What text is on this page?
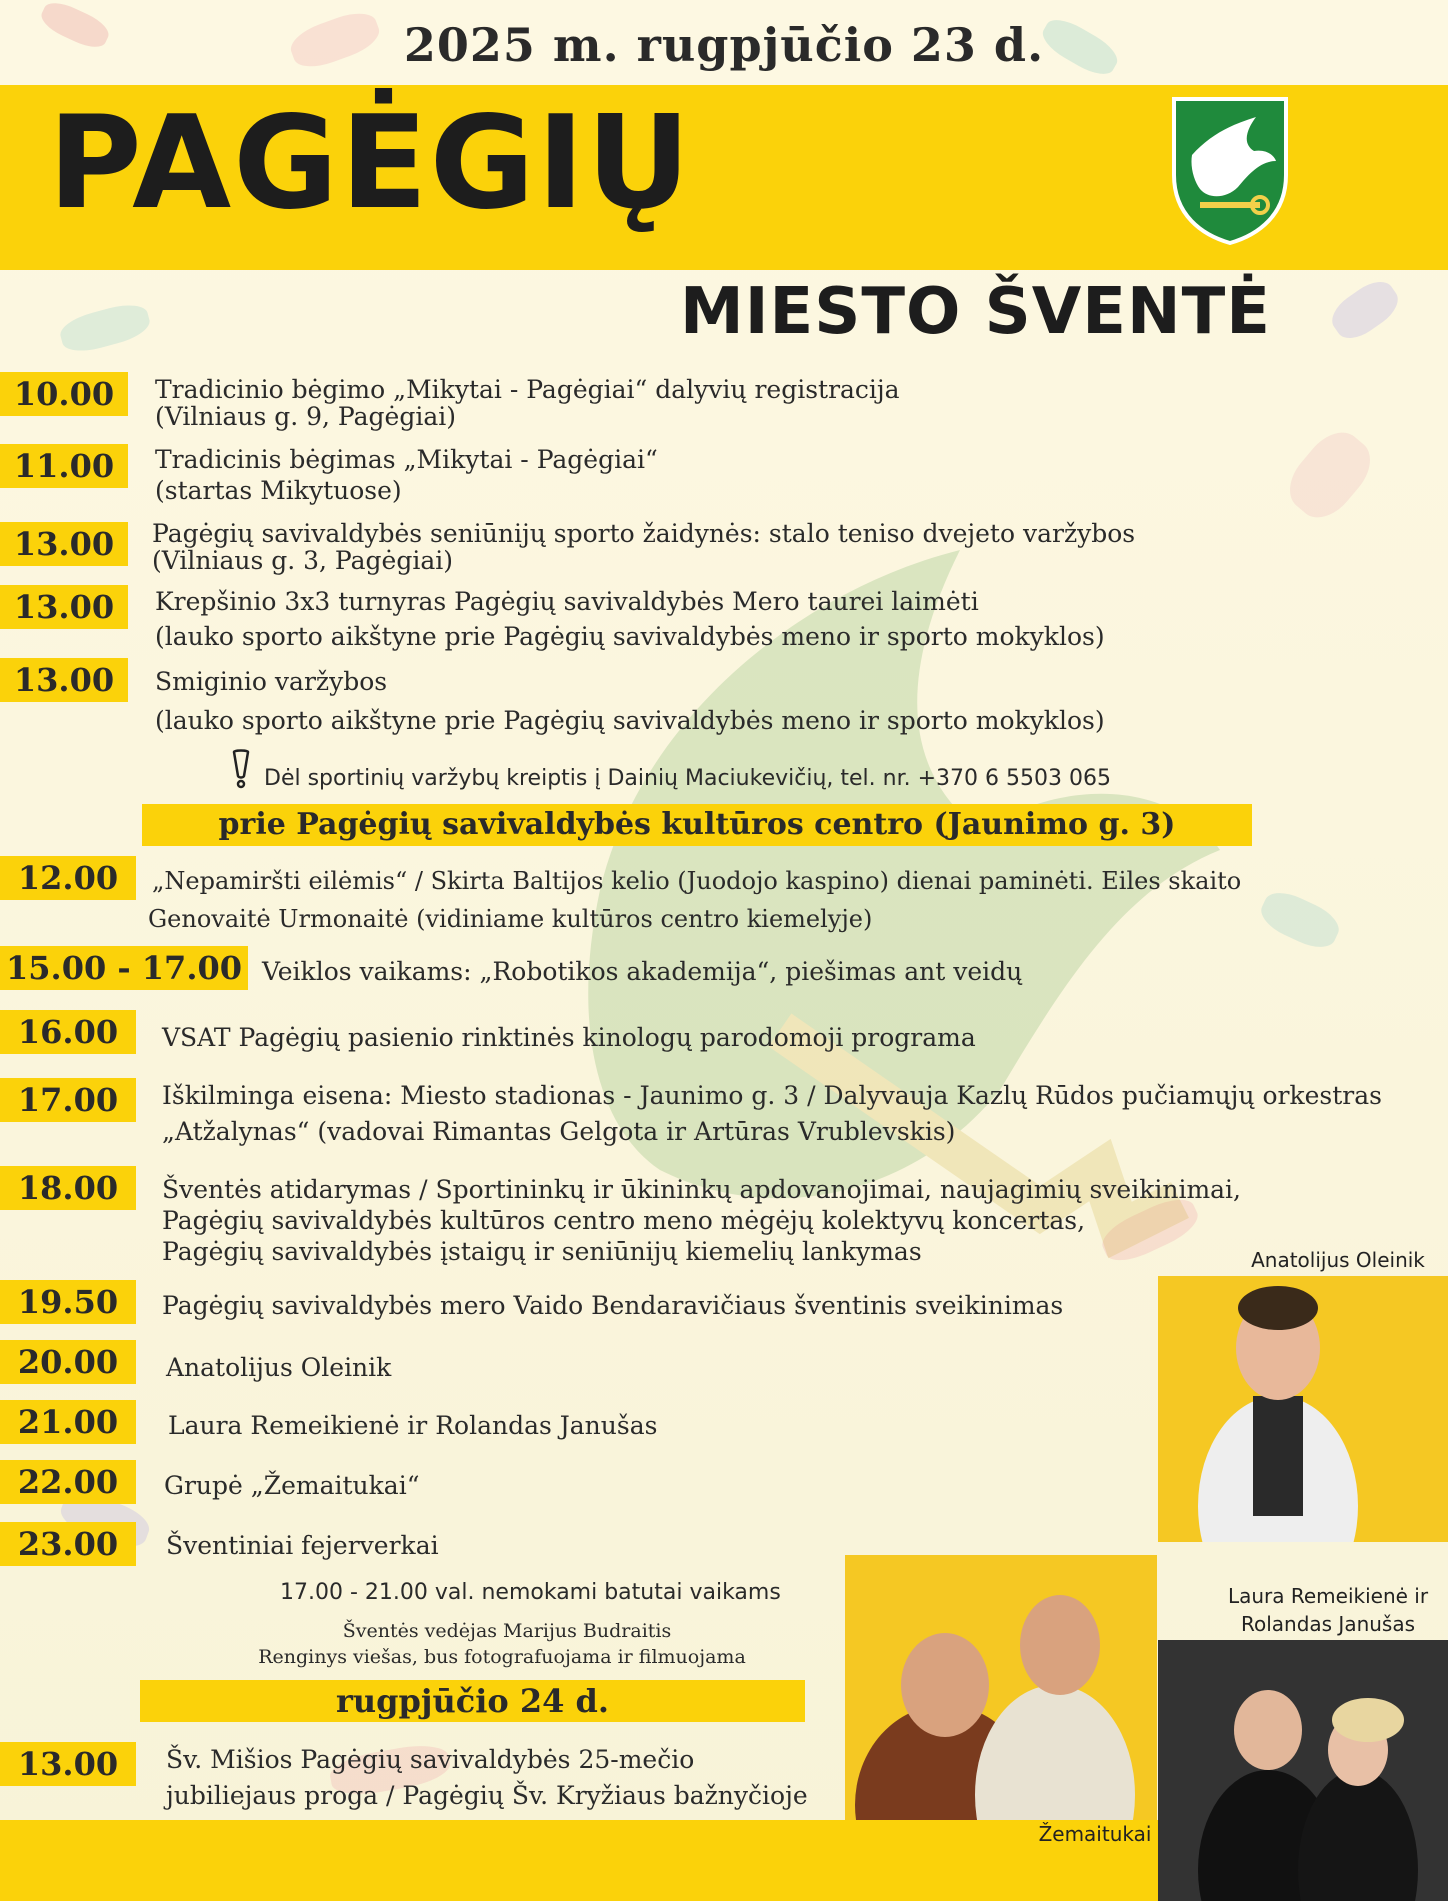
2025 m. rugpjūčio 23 d.
PAGĖGIŲ
MIESTO ŠVENTĖ
10.00	Tradicinio bėgimo „Mikytai - Pagėgiai“ dalyvių registracija
(Vilniaus g. 9, Pagėgiai)
11.00	Tradicinis bėgimas „Mikytai - Pagėgiai“
(startas Mikytuose)
13.00	Pagėgių savivaldybės seniūnijų sporto žaidynės: stalo teniso dvejeto varžybos
(Vilniaus g. 3, Pagėgiai)
13.00	Krepšinio 3x3 turnyras Pagėgių savivaldybės Mero taurei laimėti
(lauko sporto aikštyne prie Pagėgių savivaldybės meno ir sporto mokyklos)
13.00	Smiginio varžybos
(lauko sporto aikštyne prie Pagėgių savivaldybės meno ir sporto mokyklos)
Dėl sportinių varžybų kreiptis į Dainių Maciukevičių, tel. nr. +370 6 5503 065
prie Pagėgių savivaldybės kultūros centro (Jaunimo g. 3)
12.00	„Nepamiršti eilėmis“ / Skirta Baltijos kelio (Juodojo kaspino) dienai paminėti. Eiles skaito
Genovaitė Urmonaitė (vidiniame kultūros centro kiemelyje)
15.00 - 17.00 Veiklos vaikams: „Robotikos akademija“, piešimas ant veidų
16.00	VSAT Pagėgių pasienio rinktinės kinologų parodomoji programa
17.00	Iškilminga eisena: Miesto stadionas - Jaunimo g. 3 / Dalyvauja Kazlų Rūdos pučiamųjų orkestras
„Atžalynas“ (vadovai Rimantas Gelgota ir Artūras Vrublevskis)
18.00	Šventės atidarymas / Sportininkų ir ūkininkų apdovanojimai, naujagimių sveikinimai,
Pagėgių savivaldybės kultūros centro meno mėgėjų kolektyvų koncertas,
Pagėgių savivaldybės įstaigų ir seniūnijų kiemelių lankymas
19.50	Pagėgių savivaldybės mero Vaido Bendaravičiaus šventinis sveikinimas
20.00	Anatolijus Oleinik
21.00	Laura Remeikienė ir Rolandas Janušas
22.00	Grupė „Žemaitukai“
23.00	Šventiniai fejerverkai
17.00 - 21.00 val. nemokami batutai vaikams
Šventės vedėjas Marijus Budraitis
Renginys viešas, bus fotografuojama ir filmuojama
rugpjūčio 24 d.
13.00	Šv. Mišios Pagėgių savivaldybės 25-mečio
jubiliejaus proga / Pagėgių Šv. Kryžiaus bažnyčioje
Anatolijus Oleinik
Laura Remeikienė ir
Rolandas Janušas
Žemaitukai
